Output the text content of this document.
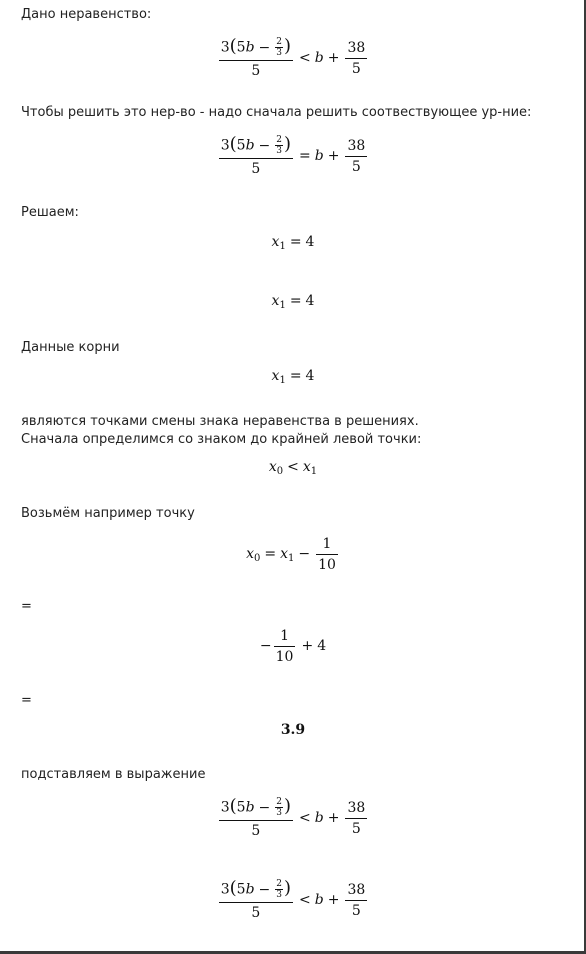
Дано неравенство:
$\frac{3(5b - \frac{2}{3} )}{5} < b + \frac{38}{5}$
Чтобы решить это нер-во - надо сначала решить соотвествующее ур-ние:
$\frac{3(5b - \frac{2}{3} )}{5} = b + \frac{38}{5}$
Решаем:
x 1 = 4
x 1 = 4
Данные корни
x 1 = 4
являются точками смены знака неравенства в решениях.
Сначала определимся со знаком до крайней левой точки:
x 0 < x 1
Возьмём например точку
x 0 = x $1 - \frac{1}{10}$
=
− $\frac{1}{10} + 4$
=
3.9
подставляем в выражение
$\frac{3(5b - \frac{2}{3} )}{5} < b + \frac{38}{5}$
$\frac{3(5b - \frac{2}{3} )}{5} < b + \frac{38}{5}$
